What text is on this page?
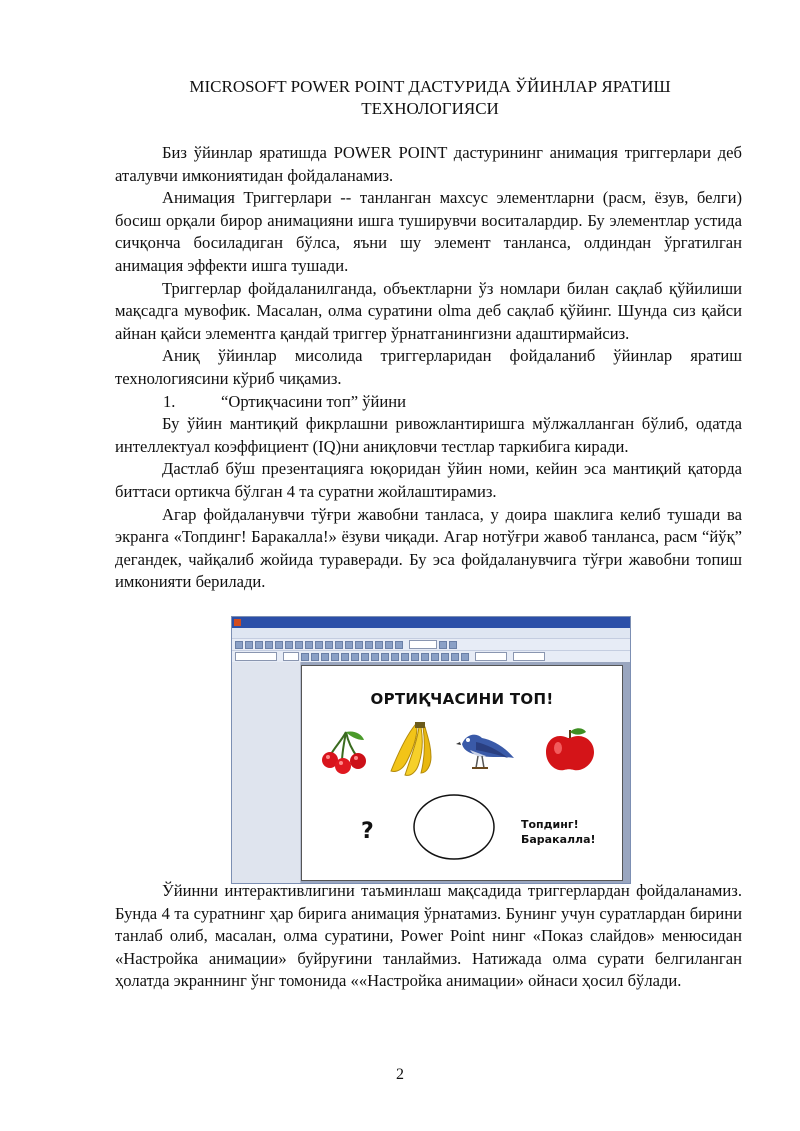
MICROSOFT POWER POINT ДАСТУРИДА ЎЙИНЛАР ЯРАТИШ
ТЕХНОЛОГИЯСИ

Биз ўйинлар яратишда POWER POINT дастурининг анимация триггерлари деб аталувчи имкониятидан фойдаланамиз.

Анимация Триггерлари -- танланган махсус элементларни (расм, ёзув, белги) босиш орқали бирор анимацияни ишга туширувчи воситалардир. Бу элементлар устида сичқонча босиладиган бўлса, яъни шу элемент танланса, олдиндан ўргатилган анимация эффекти ишга тушади.

Триггерлар фойдаланилганда, объектларни ўз номлари билан сақлаб қўйилиши мақсадга мувофик. Масалан, олма суратини olma деб сақлаб қўйинг. Шунда сиз қайси айнан қайси элементга қандай триггер ўрнатганингизни адаштирмайсиз.

Аниқ ўйинлар мисолида триггерларидан фойдаланиб ўйинлар яратиш технологиясини кўриб чиқамиз.

1.	“Ортиқчасини топ” ўйини

Бу ўйин мантиқий фикрлашни ривожлантиришга мўлжалланган бўлиб, одатда интеллектуал коэффициент (IQ)ни аниқловчи тестлар таркибига киради.

Дастлаб бўш презентацияга юқоридан ўйин номи, кейин эса мантиқий қаторда биттаси ортикча бўлган 4 та суратни жойлаштирамиз.

Агар фойдаланувчи тўғри жавобни танласа, у доира шаклига келиб тушади ва экранга «Топдинг! Баракалла!» ёзуви чиқади. Агар нотўғри жавоб танланса, расм “йўқ” дегандек, чайқалиб жойида тураверади. Бу эса фойдаланувчига тўғри жавобни топиш имконияти берилади.

ОРТИҚЧАСИНИ ТОП!
?	Топдинг!
Баракалла!

Ўйинни интерактивлигини таъминлаш мақсадида триггерлардан фойдаланамиз. Бунда 4 та суратнинг ҳар бирига анимация ўрнатамиз. Бунинг учун суратлардан бирини танлаб олиб, масалан, олма суратини, Power Point нинг «Показ слайдов» менюсидан «Настройка анимации» буйруғини танлаймиз. Натижада олма сурати белгиланган ҳолатда экраннинг ўнг томонида ««Настройка анимации» ойнаси ҳосил бўлади.

2
